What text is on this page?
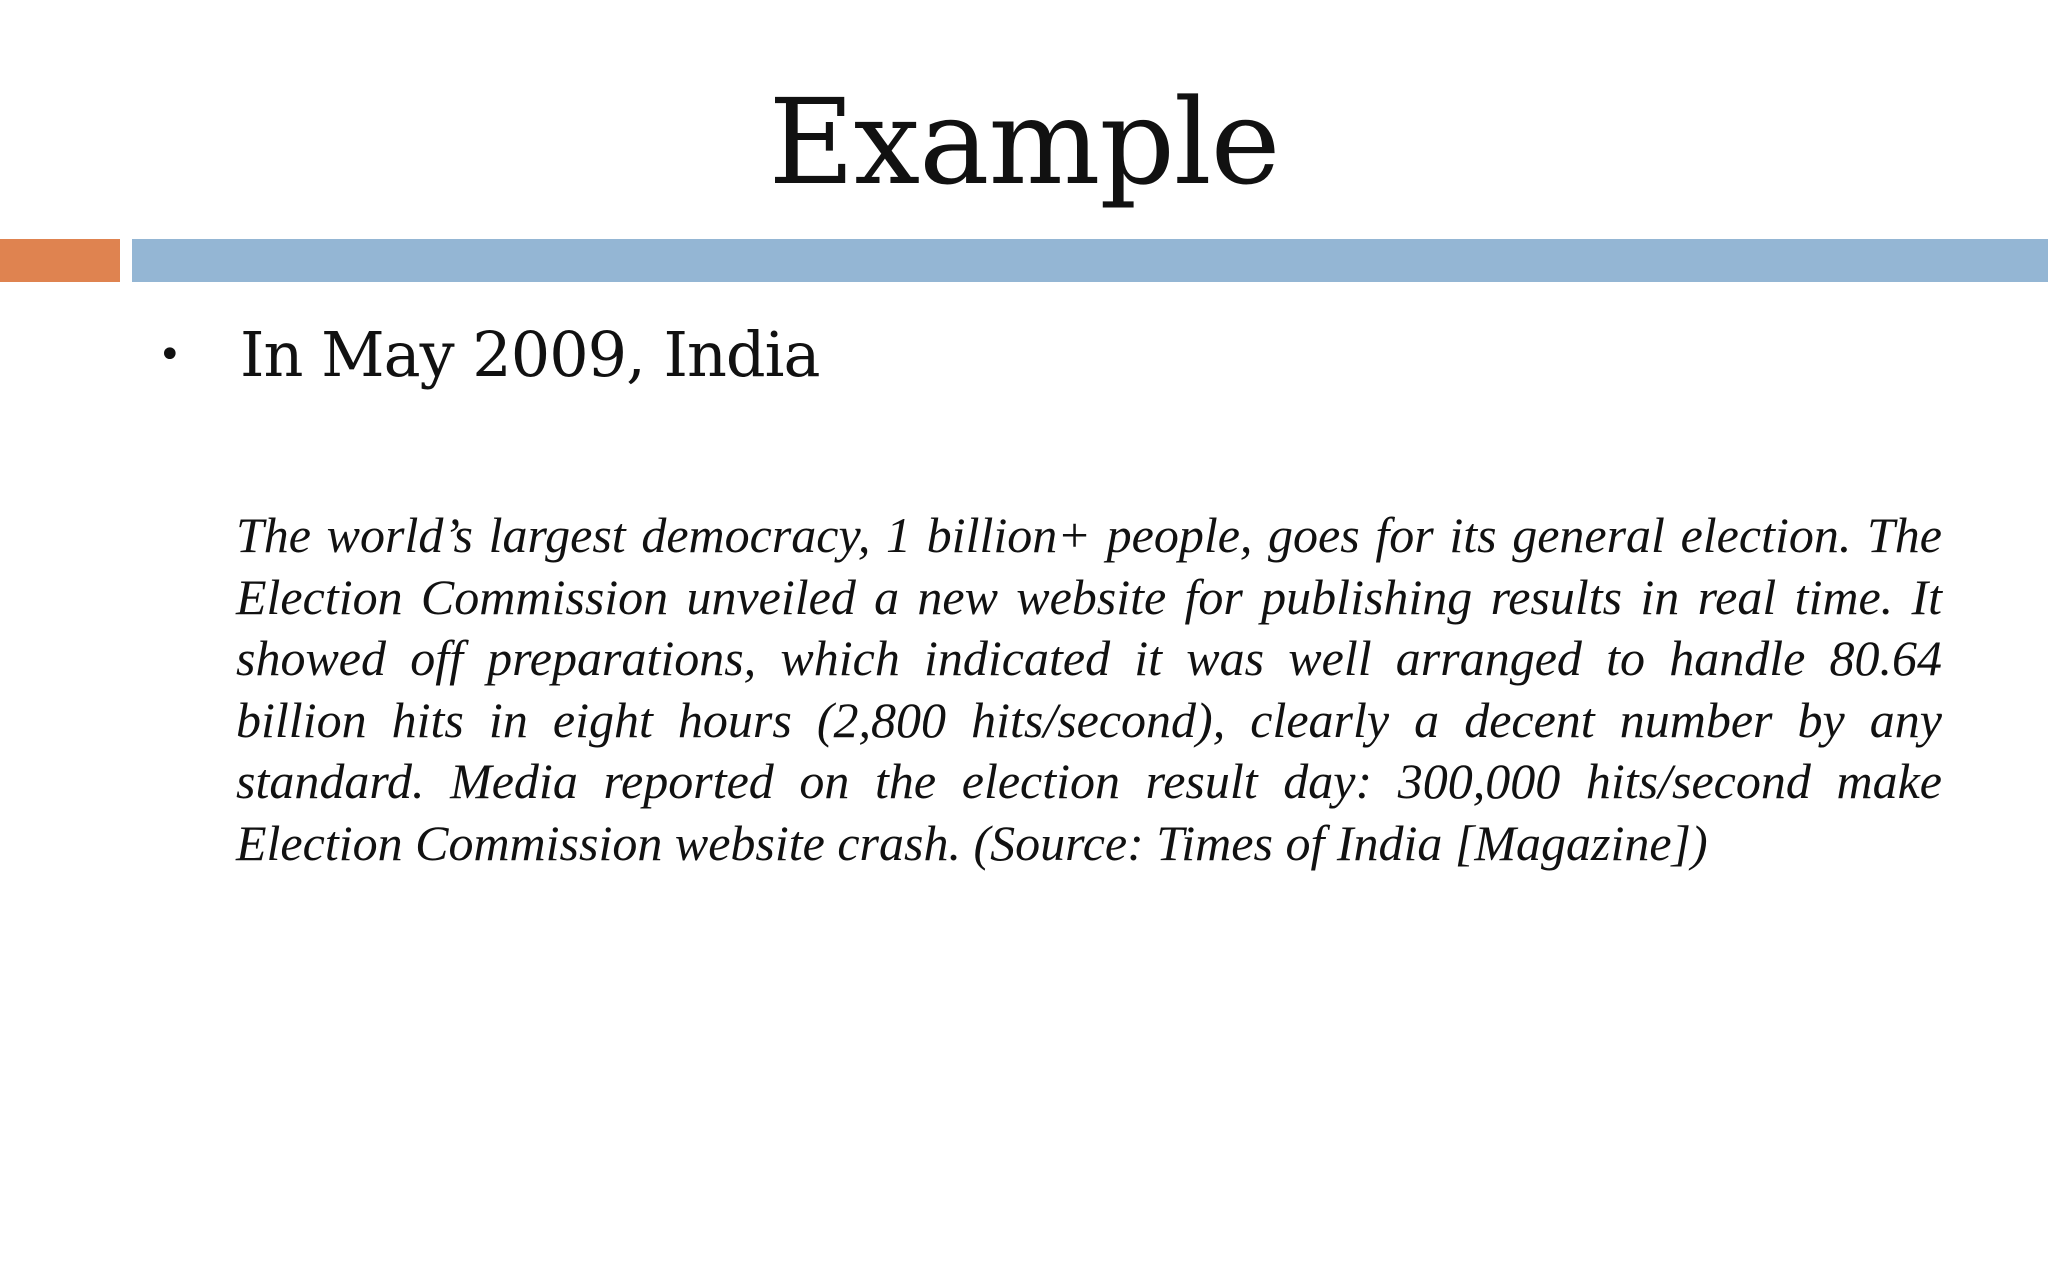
Example
• In May 2009, India
The world’s largest democracy, 1 billion+ people, goes for its general election. The Election Commission unveiled a new website for publishing results in real time. It showed off preparations, which indicated it was well arranged to handle 80.64 billion hits in eight hours (2,800 hits/second), clearly a decent number by any standard. Media reported on the election result day: 300,000 hits/second make Election Commission website crash. (Source: Times of India [Magazine])
